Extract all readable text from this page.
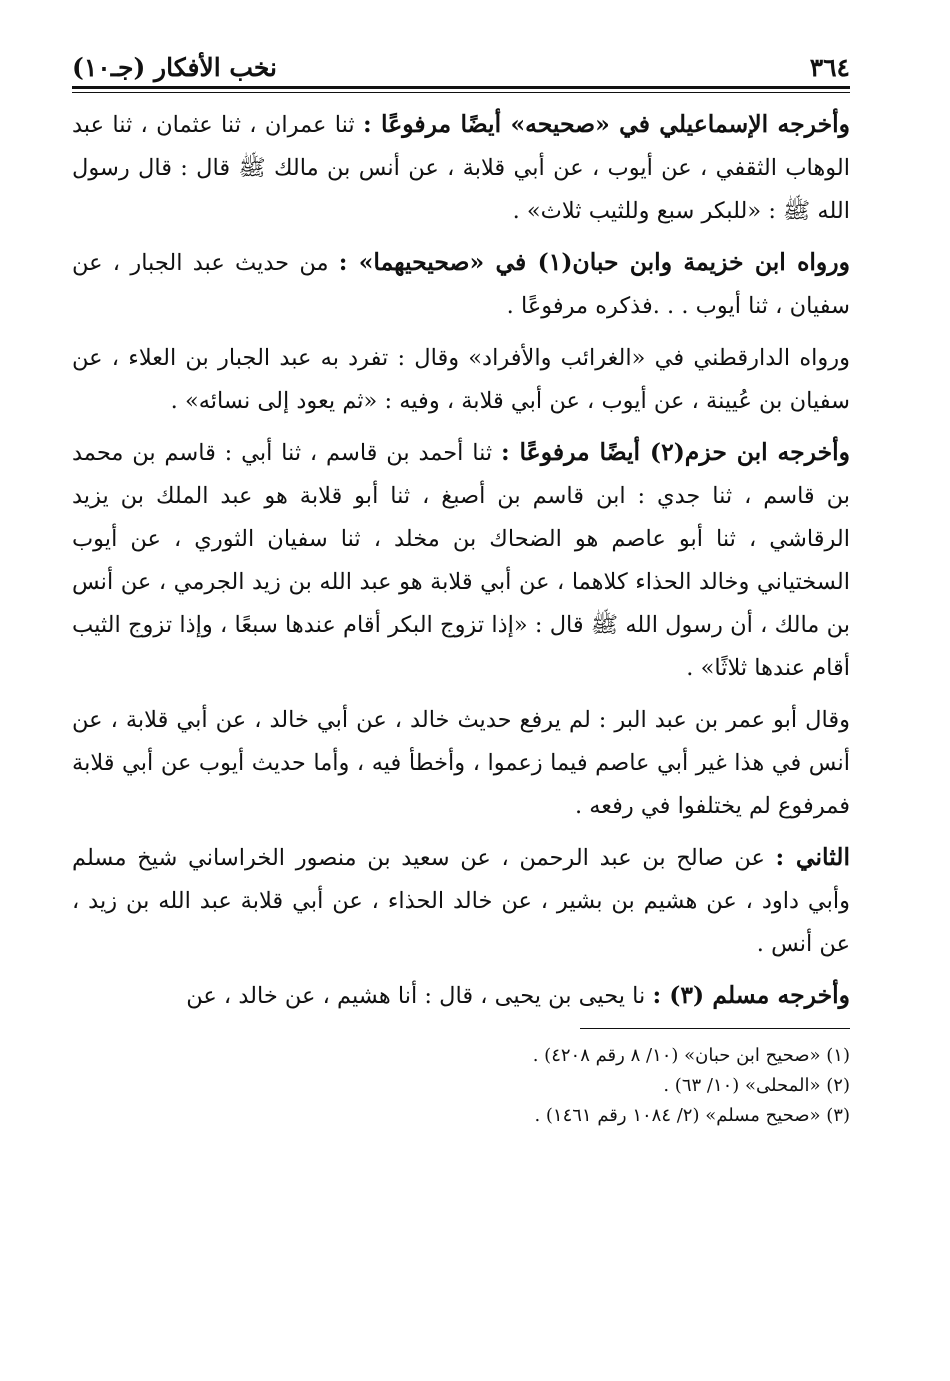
٣٦٤
نخب الأفكار (جـ١٠)

وأخرجه الإسماعيلي في «صحيحه» أيضًا مرفوعًا : ثنا عمران ، ثنا عثمان ، ثنا عبد الوهاب الثقفي ، عن أيوب ، عن أبي قلابة ، عن أنس بن مالك ﷺ قال : قال رسول الله ﷺ : «للبكر سبع وللثيب ثلاث» .

ورواه ابن خزيمة وابن حبان(١) في «صحيحيهما» : من حديث عبد الجبار ، عن سفيان ، ثنا أيوب . . .فذكره مرفوعًا .

ورواه الدارقطني في «الغرائب والأفراد» وقال : تفرد به عبد الجبار بن العلاء ، عن سفيان بن عُيينة ، عن أيوب ، عن أبي قلابة ، وفيه : «ثم يعود إلى نسائه» .

وأخرجه ابن حزم(٢) أيضًا مرفوعًا : ثنا أحمد بن قاسم ، ثنا أبي : قاسم بن محمد بن قاسم ، ثنا جدي : ابن قاسم بن أصبغ ، ثنا أبو قلابة هو عبد الملك بن يزيد الرقاشي ، ثنا أبو عاصم هو الضحاك بن مخلد ، ثنا سفيان الثوري ، عن أيوب السختياني وخالد الحذاء كلاهما ، عن أبي قلابة هو عبد الله بن زيد الجرمي ، عن أنس بن مالك ، أن رسول الله ﷺ قال : «إذا تزوج البكر أقام عندها سبعًا ، وإذا تزوج الثيب أقام عندها ثلاثًا» .

وقال أبو عمر بن عبد البر : لم يرفع حديث خالد ، عن أبي خالد ، عن أبي قلابة ، عن أنس في هذا غير أبي عاصم فيما زعموا ، وأخطأ فيه ، وأما حديث أيوب عن أبي قلابة فمرفوع لم يختلفوا في رفعه .

الثاني : عن صالح بن عبد الرحمن ، عن سعيد بن منصور الخراساني شيخ مسلم وأبي داود ، عن هشيم بن بشير ، عن خالد الحذاء ، عن أبي قلابة عبد الله بن زيد ، عن أنس .

وأخرجه مسلم (٣) : نا يحيى بن يحيى ، قال : أنا هشيم ، عن خالد ، عن

(١) «صحيح ابن حبان» (١٠/ ٨ رقم ٤٢٠٨) .

(٢) «المحلى» (١٠/ ٦٣) .

(٣) «صحيح مسلم» (٢/ ١٠٨٤ رقم ١٤٦١) .
